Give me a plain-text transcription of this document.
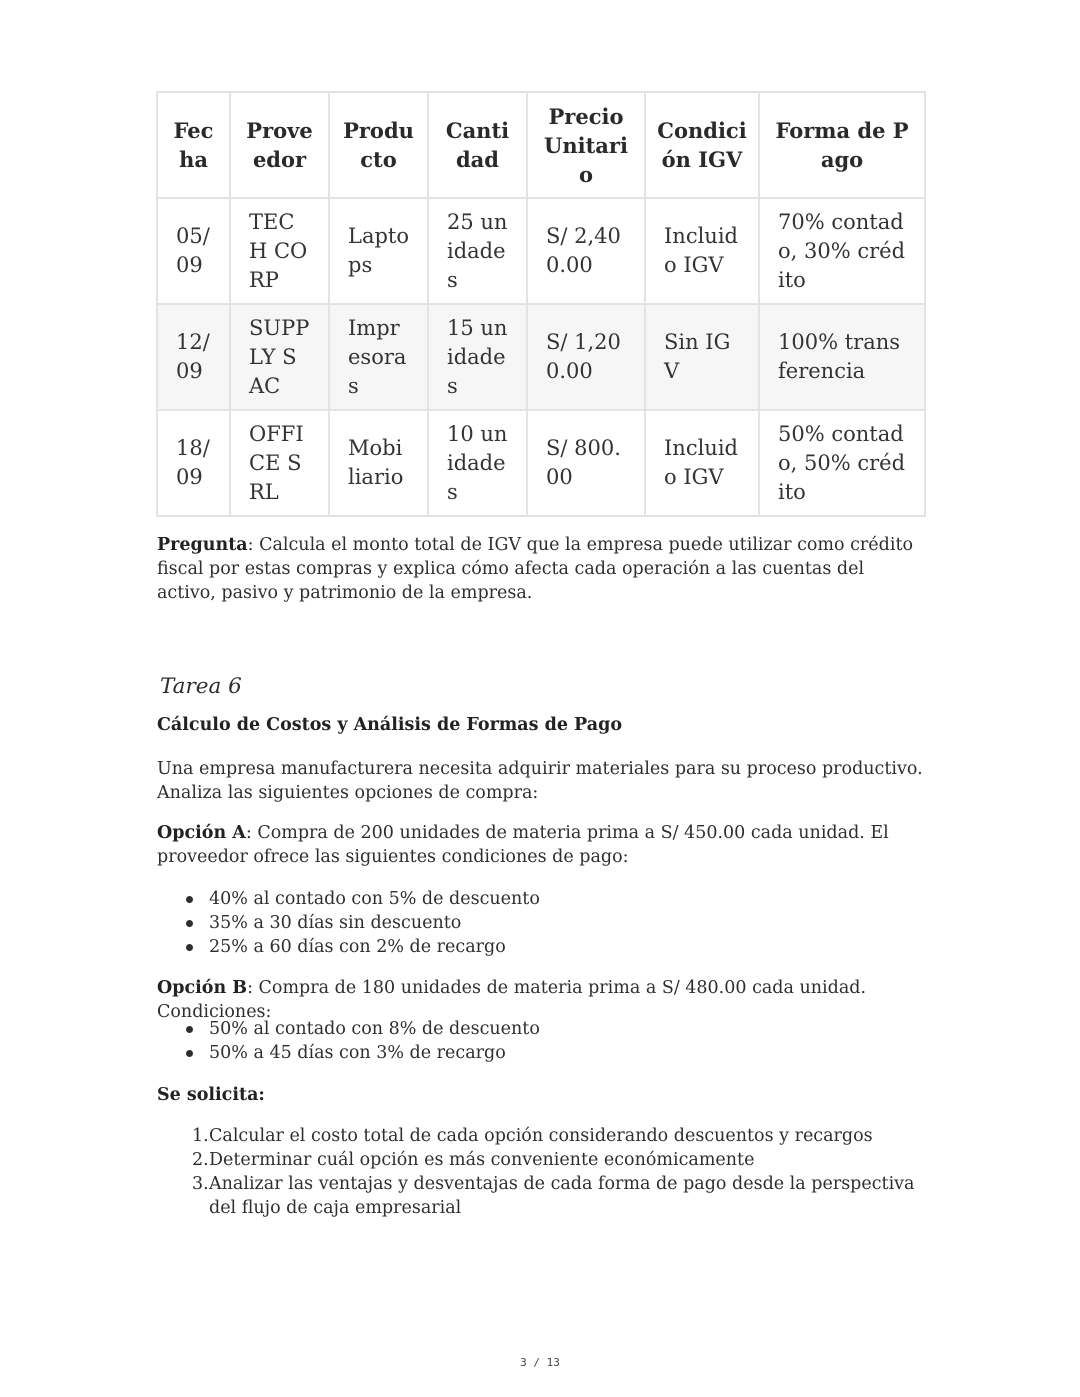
Fecha	Proveedor	Producto	Cantidad	Precio Unitario	Condición IGV	Forma de Pago
05/09	TECH CORP	Laptops	25 unidades	S/ 2,400.00	Incluido IGV	70% contado, 30% crédito
12/09	SUPPLY SAC	Impresoras	15 unidades	S/ 1,200.00	Sin IGV	100% transferencia
18/09	OFFICE SRL	Mobiliario	10 unidades	S/ 800.00	Incluido IGV	50% contado, 50% crédito

Pregunta: Calcula el monto total de IGV que la empresa puede utilizar como crédito fiscal por estas compras y explica cómo afecta cada operación a las cuentas del activo, pasivo y patrimonio de la empresa.

Tarea 6
Cálculo de Costos y Análisis de Formas de Pago

Una empresa manufacturera necesita adquirir materiales para su proceso productivo. Analiza las siguientes opciones de compra:

Opción A: Compra de 200 unidades de materia prima a S/ 450.00 cada unidad. El proveedor ofrece las siguientes condiciones de pago:

40% al contado con 5% de descuento
35% a 30 días sin descuento
25% a 60 días con 2% de recargo

Opción B: Compra de 180 unidades de materia prima a S/ 480.00 cada unidad. Condiciones:

50% al contado con 8% de descuento
50% a 45 días con 3% de recargo

Se solicita:

1. Calcular el costo total de cada opción considerando descuentos y recargos
2. Determinar cuál opción es más conveniente económicamente
3. Analizar las ventajas y desventajas de cada forma de pago desde la perspectiva del flujo de caja empresarial
3 / 13
